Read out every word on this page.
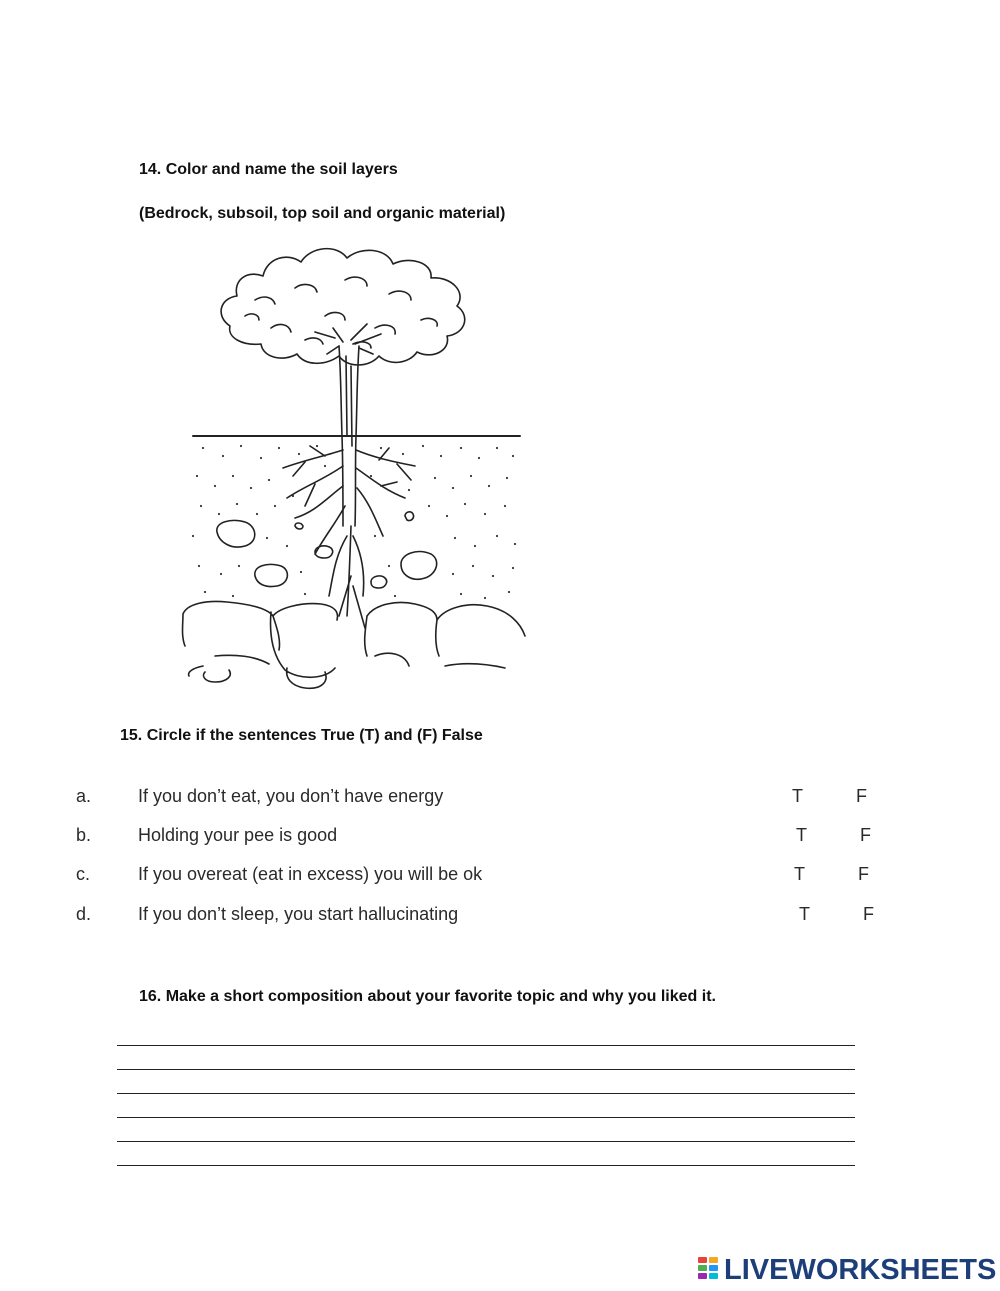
14. Color and name the soil layers
(Bedrock, subsoil, top soil and organic material)
15. Circle if the sentences True (T) and (F) False
a.	If you don’t eat, you don’t have energy	T	F
b.	Holding your pee is good	T	F
c.	If you overeat (eat in excess) you will be ok	T	F
d.	If you don’t sleep, you start hallucinating	T	F
16. Make a short composition about your favorite topic and why you liked it.
LIVEWORKSHEETS
